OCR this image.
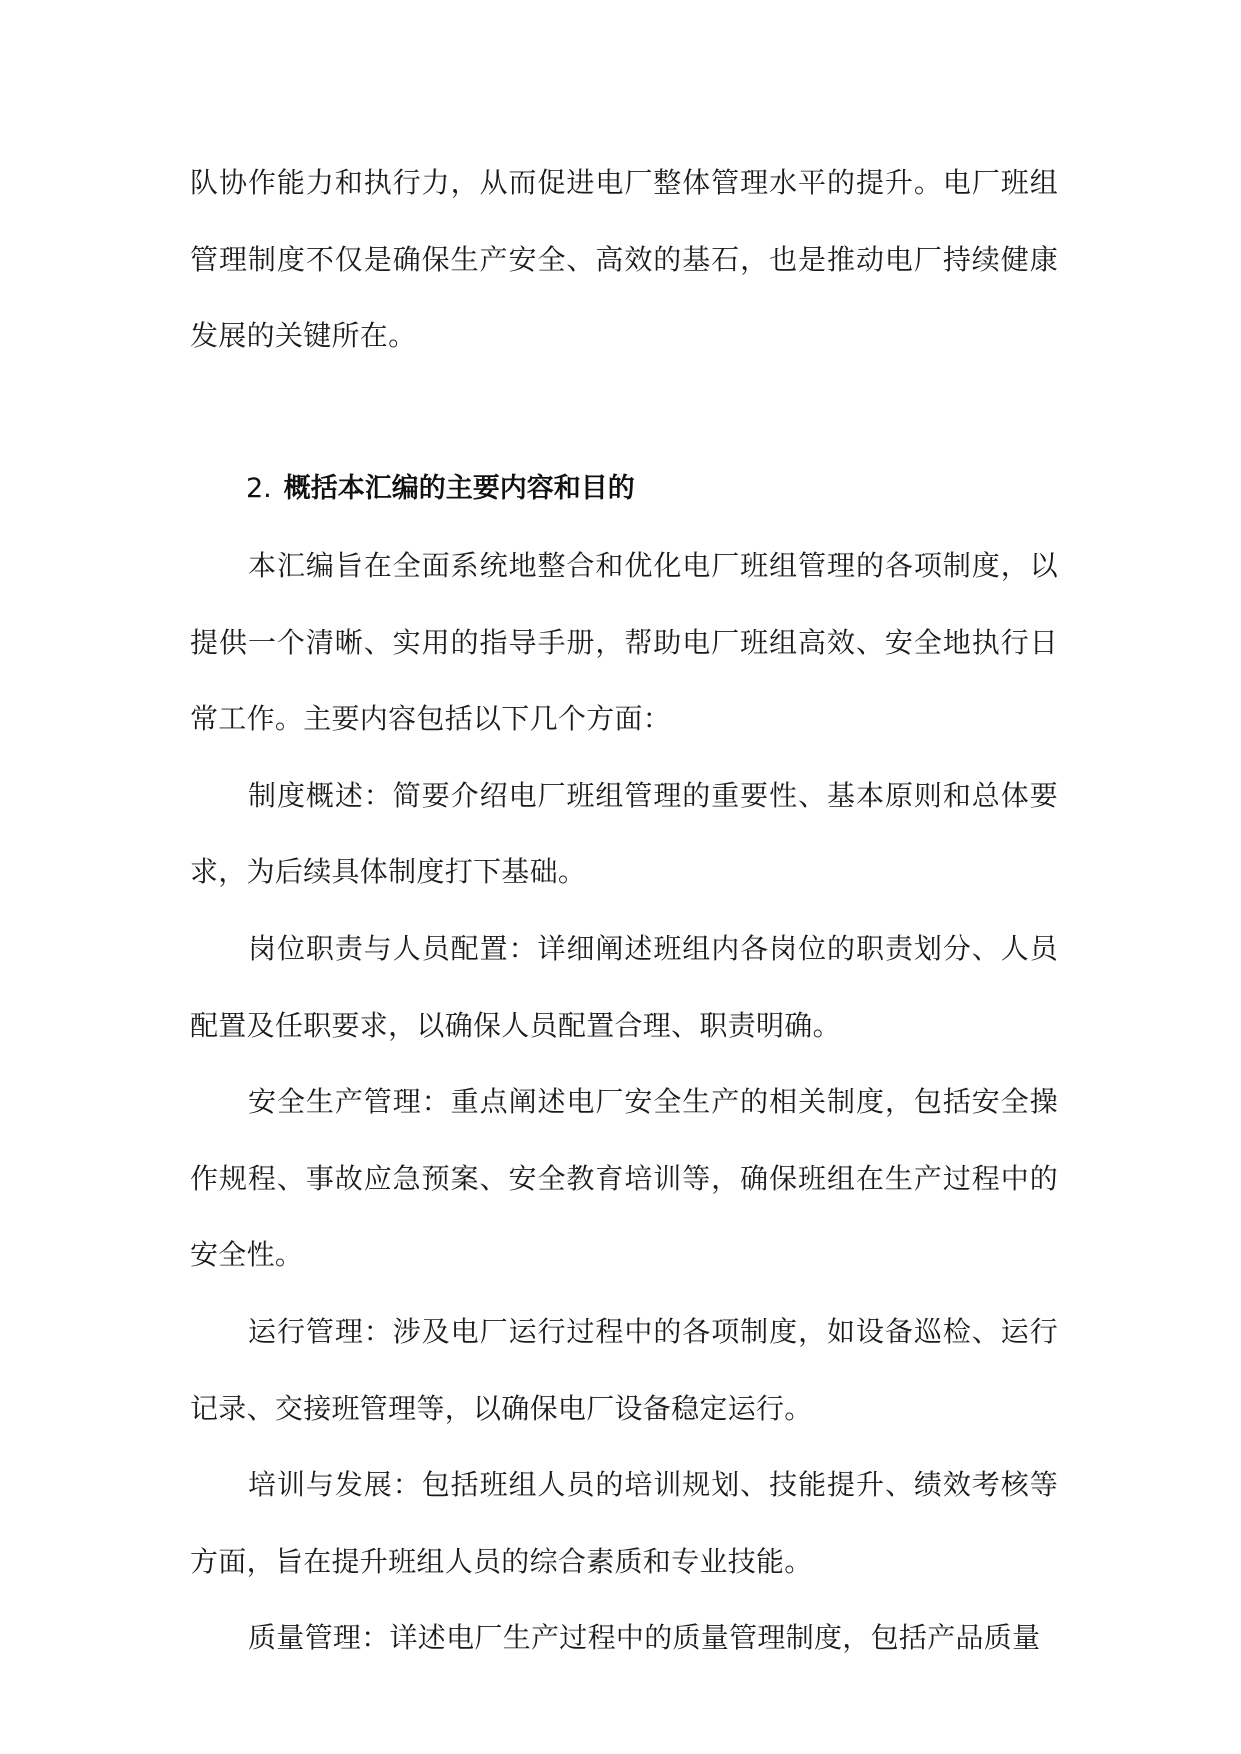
队协作能力和执行力，从而促进电厂整体管理水平的提升。电厂班组管理制度不仅是确保生产安全、高效的基石，也是推动电厂持续健康发展的关键所在。

2. 概括本汇编的主要内容和目的

本汇编旨在全面系统地整合和优化电厂班组管理的各项制度，以提供一个清晰、实用的指导手册，帮助电厂班组高效、安全地执行日常工作。主要内容包括以下几个方面：

制度概述：简要介绍电厂班组管理的重要性、基本原则和总体要求，为后续具体制度打下基础。

岗位职责与人员配置：详细阐述班组内各岗位的职责划分、人员配置及任职要求，以确保人员配置合理、职责明确。

安全生产管理：重点阐述电厂安全生产的相关制度，包括安全操作规程、事故应急预案、安全教育培训等，确保班组在生产过程中的安全性。

运行管理：涉及电厂运行过程中的各项制度，如设备巡检、运行记录、交接班管理等，以确保电厂设备稳定运行。

培训与发展：包括班组人员的培训规划、技能提升、绩效考核等方面，旨在提升班组人员的综合素质和专业技能。

质量管理：详述电厂生产过程中的质量管理制度，包括产品质量
